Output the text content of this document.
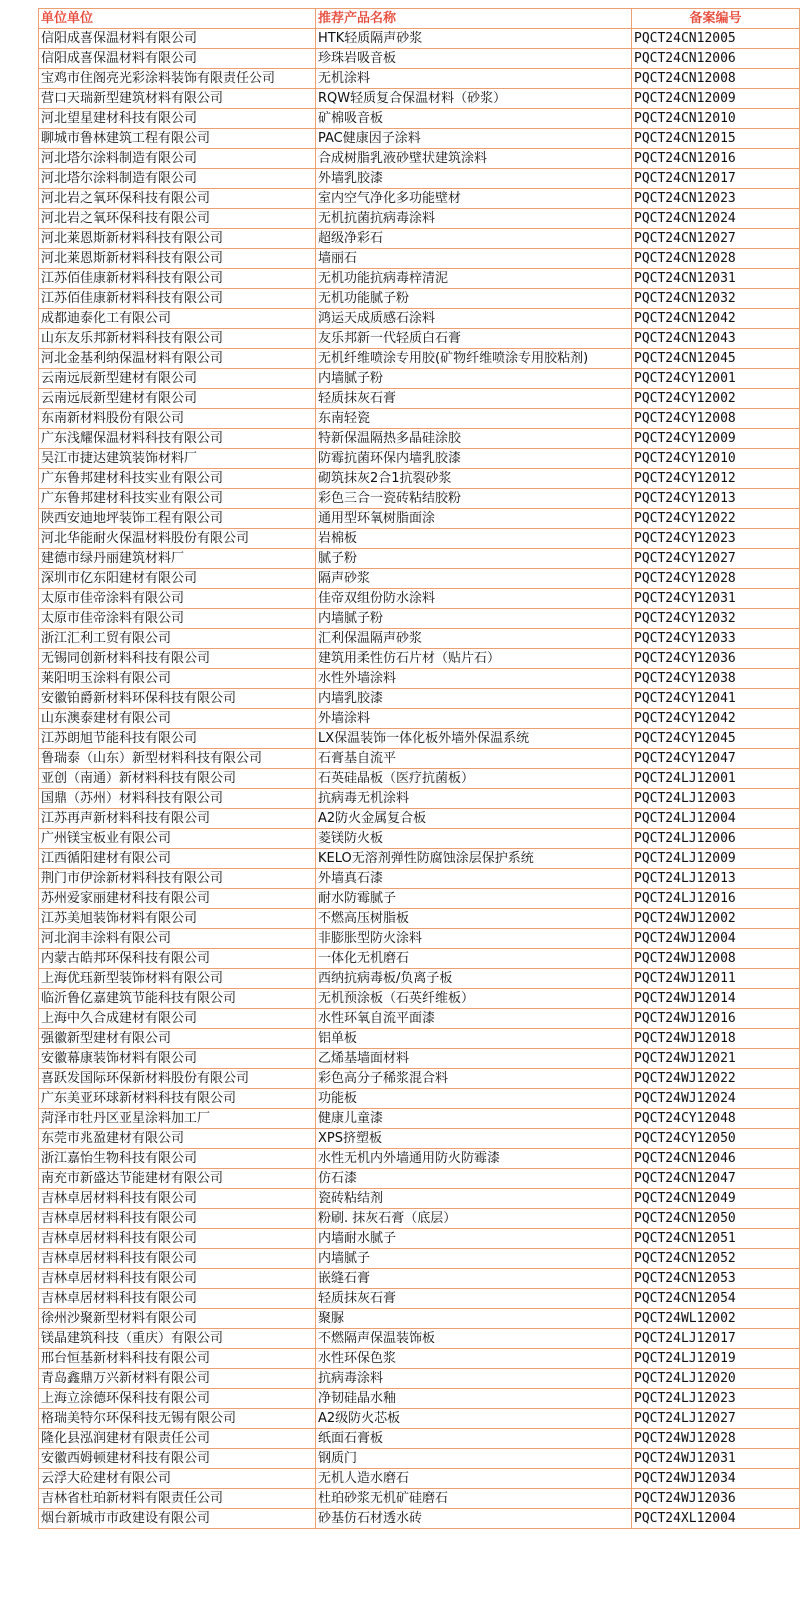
单位单位	推荐产品名称	备案编号
信阳成喜保温材料有限公司	HTK轻质隔声砂浆	PQCT24CN12005
信阳成喜保温材料有限公司	珍珠岩吸音板	PQCT24CN12006
宝鸡市住阁亮光彩涂料装饰有限责任公司	无机涂料	PQCT24CN12008
营口天瑞新型建筑材料有限公司	RQW轻质复合保温材料（砂浆）	PQCT24CN12009
河北望星建材科技有限公司	矿棉吸音板	PQCT24CN12010
聊城市鲁林建筑工程有限公司	PAC健康因子涂料	PQCT24CN12015
河北塔尔涂料制造有限公司	合成树脂乳液砂壁状建筑涂料	PQCT24CN12016
河北塔尔涂料制造有限公司	外墙乳胶漆	PQCT24CN12017
河北岩之氧环保科技有限公司	室内空气净化多功能壁材	PQCT24CN12023
河北岩之氧环保科技有限公司	无机抗菌抗病毒涂料	PQCT24CN12024
河北莱恩斯新材料科技有限公司	超级净彩石	PQCT24CN12027
河北莱恩斯新材料科技有限公司	墙丽石	PQCT24CN12028
江苏佰佳康新材料科技有限公司	无机功能抗病毒梓清泥	PQCT24CN12031
江苏佰佳康新材料科技有限公司	无机功能腻子粉	PQCT24CN12032
成都迪泰化工有限公司	鸿运天成质感石涂料	PQCT24CN12042
山东友乐邦新材料科技有限公司	友乐邦新一代轻质白石膏	PQCT24CN12043
河北金基利纳保温材料有限公司	无机纤维喷涂专用胶(矿物纤维喷涂专用胶粘剂)	PQCT24CN12045
云南远辰新型建材有限公司	内墙腻子粉	PQCT24CY12001
云南远辰新型建材有限公司	轻质抹灰石膏	PQCT24CY12002
东南新材料股份有限公司	东南轻瓷	PQCT24CY12008
广东浅耀保温材料科技有限公司	特新保温隔热多晶硅涂胶	PQCT24CY12009
吴江市捷达建筑装饰材料厂	防霉抗菌环保内墙乳胶漆	PQCT24CY12010
广东鲁邦建材科技实业有限公司	砌筑抹灰2合1抗裂砂浆	PQCT24CY12012
广东鲁邦建材科技实业有限公司	彩色三合一瓷砖粘结胶粉	PQCT24CY12013
陕西安迪地坪装饰工程有限公司	通用型环氧树脂面涂	PQCT24CY12022
河北华能耐火保温材料股份有限公司	岩棉板	PQCT24CY12023
建德市绿丹丽建筑材料厂	腻子粉	PQCT24CY12027
深圳市亿东阳建材有限公司	隔声砂浆	PQCT24CY12028
太原市佳帝涂料有限公司	佳帝双组份防水涂料	PQCT24CY12031
太原市佳帝涂料有限公司	内墙腻子粉	PQCT24CY12032
浙江汇利工贸有限公司	汇利保温隔声砂浆	PQCT24CY12033
无锡同创新材料科技有限公司	建筑用柔性仿石片材（贴片石）	PQCT24CY12036
莱阳明玉涂料有限公司	水性外墙涂料	PQCT24CY12038
安徽铂爵新材料环保科技有限公司	内墙乳胶漆	PQCT24CY12041
山东澳泰建材有限公司	外墙涂料	PQCT24CY12042
江苏朗旭节能科技有限公司	LX保温装饰一体化板外墙外保温系统	PQCT24CY12045
鲁瑞泰（山东）新型材料科技有限公司	石膏基自流平	PQCT24CY12047
亚创（南通）新材料科技有限公司	石英硅晶板（医疗抗菌板）	PQCT24LJ12001
国鼎（苏州）材料科技有限公司	抗病毒无机涂料	PQCT24LJ12003
江苏再声新材料科技有限公司	A2防火金属复合板	PQCT24LJ12004
广州镁宝板业有限公司	菱镁防火板	PQCT24LJ12006
江西循阳建材有限公司	KELO无溶剂弹性防腐蚀涂层保护系统	PQCT24LJ12009
荆门市伊涂新材料科技有限公司	外墙真石漆	PQCT24LJ12013
苏州爱家丽建材科技有限公司	耐水防霉腻子	PQCT24LJ12016
江苏美旭装饰材料有限公司	不燃高压树脂板	PQCT24WJ12002
河北润丰涂料有限公司	非膨胀型防火涂料	PQCT24WJ12004
内蒙古皓邦环保科技有限公司	一体化无机磨石	PQCT24WJ12008
上海优珏新型装饰材料有限公司	西纳抗病毒板/负离子板	PQCT24WJ12011
临沂鲁亿嘉建筑节能科技有限公司	无机预涂板（石英纤维板）	PQCT24WJ12014
上海中久合成建材有限公司	水性环氧自流平面漆	PQCT24WJ12016
强徽新型建材有限公司	铝单板	PQCT24WJ12018
安徽幕康装饰材料有限公司	乙烯基墙面材料	PQCT24WJ12021
喜跃发国际环保新材料股份有限公司	彩色高分子稀浆混合料	PQCT24WJ12022
广东美亚环球新材料科技有限公司	功能板	PQCT24WJ12024
菏泽市牡丹区亚星涂料加工厂	健康儿童漆	PQCT24CY12048
东莞市兆盈建材有限公司	XPS挤塑板	PQCT24CY12050
浙江嘉怡生物科技有限公司	水性无机内外墙通用防火防霉漆	PQCT24CN12046
南充市新盛达节能建材有限公司	仿石漆	PQCT24CN12047
吉林卓居材料科技有限公司	瓷砖粘结剂	PQCT24CN12049
吉林卓居材料科技有限公司	粉刷. 抹灰石膏（底层）	PQCT24CN12050
吉林卓居材料科技有限公司	内墙耐水腻子	PQCT24CN12051
吉林卓居材料科技有限公司	内墙腻子	PQCT24CN12052
吉林卓居材料科技有限公司	嵌缝石膏	PQCT24CN12053
吉林卓居材料科技有限公司	轻质抹灰石膏	PQCT24CN12054
徐州沙聚新型材料有限公司	聚脲	PQCT24WL12002
镁晶建筑科技（重庆）有限公司	不燃隔声保温装饰板	PQCT24LJ12017
邢台恒基新材料科技有限公司	水性环保色浆	PQCT24LJ12019
青岛鑫鼎万兴新材料有限公司	抗病毒涂料	PQCT24LJ12020
上海立涂德环保科技有限公司	净韧硅晶水釉	PQCT24LJ12023
格瑞美特尔环保科技无锡有限公司	A2级防火芯板	PQCT24LJ12027
隆化县泓润建材有限责任公司	纸面石膏板	PQCT24WJ12028
安徽西姆顿建材科技有限公司	钢质门	PQCT24WJ12031
云浮大砼建材有限公司	无机人造水磨石	PQCT24WJ12034
吉林省杜珀新材料有限责任公司	杜珀砂浆无机矿硅磨石	PQCT24WJ12036
烟台新城市市政建设有限公司	砂基仿石材透水砖	PQCT24XL12004
